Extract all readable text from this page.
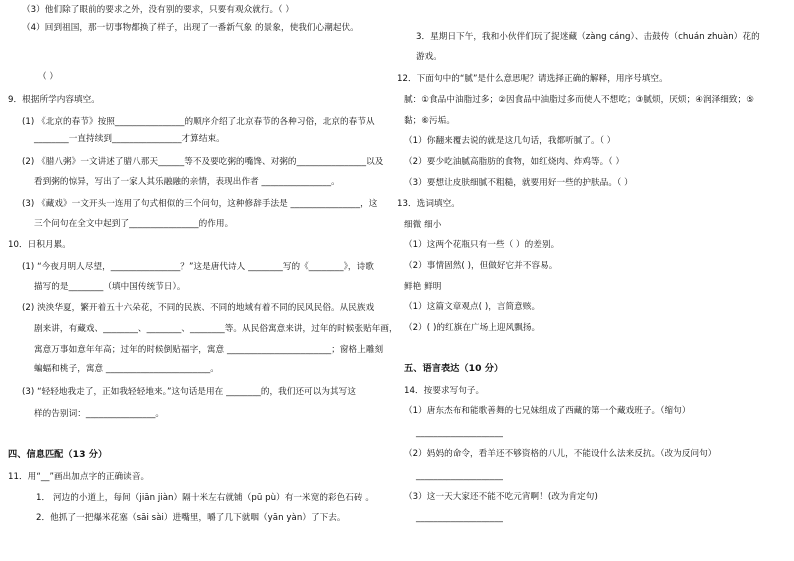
（3）他们除了眼前的要求之外，没有别的要求，只要有观众就行。（ ）
（4）回到祖国，那一切事物都换了样子，出现了一番新气象 的景象，使我们心潮起伏。
（ ）
9．根据所学内容填空。
(1) 《北京的春节》按照________________的顺序介绍了北京春节的各种习俗，北京的春节从
________一直持续到________________才算结束。
(2) 《腊八粥》一文讲述了腊八那天______等不及要吃粥的嘴馋、对粥的________________以及
看到粥的惊异，写出了一家人其乐融融的亲情，表现出作者 ________________。
(3) 《藏戏》一文开头一连用了句式相似的三个问句，这种修辞手法是 ________________，这
三个问句在全文中起到了________________的作用。
10．日积月累。
(1) “今夜月明人尽望，________________？”这是唐代诗人 ________写的《________》，诗歌
描写的是________（填中国传统节日）。
(2) 泱泱华夏，繁开着五十六朵花，不同的民族、不同的地域有着不同的民风民俗。从民族戏
剧来讲，有藏戏、________、________、________等。从民俗寓意来讲，过年的时候张贴年画，
寓意万事如意年年高；过年的时候倒贴福字，寓意 ________________________；窗格上雕刻
蝙蝠和桃子，寓意 ________________________。
(3) “轻轻地我走了，正如我轻轻地来。”这句话是用在 ________的，我们还可以为其写这
样的告别词：________________。
四、信息匹配（13 分）
11．用“__”画出加点字的正确读音。
1． 河边的小道上，每间（jiān jiàn）隔十米左右就铺（pū pù）有一米宽的彩色石砖 。
2．他抓了一把爆米花塞（sāi sài）进嘴里，嚼了几下就咽（yān yàn）了下去。
3．星期日下午，我和小伙伴们玩了捉迷藏（zàng cáng）、击鼓传（chuán zhuàn）花的
游戏。
12．下面句中的“腻”是什么意思呢？请选择正确的解释，用序号填空。
腻：①食品中油脂过多；②因食品中油脂过多而使人不想吃；③腻烦，厌烦；④润泽细致；⑤
黏；⑥污垢。
（1）你翻来覆去说的就是这几句话，我都听腻了。（ ）
（2）要少吃油腻高脂肪的食物，如红烧肉、炸鸡等。（ ）
（3）要想让皮肤细腻不粗糙，就要用好一些的护肤品。（ ）
13．选词填空。
细微 细小
（1）这两个花瓶只有一些（ ）的差别。
（2）事情固然( )，但做好它并不容易。
鲜艳 鲜明
（1）这篇文章观点( )，言简意赅。
（2）( )的红旗在广场上迎风飘扬。
五、语言表达（10 分）
14．按要求写句子。
（1）唐东杰布和能歌善舞的七兄妹组成了西藏的第一个藏戏班子。（缩句）
____________________
（2）妈妈的命令，看羊还不够资格的八儿，不能设什么法来反抗。（改为反问句）
____________________
（3）这一天大家还不能不吃元宵啊！(改为肯定句)
____________________
